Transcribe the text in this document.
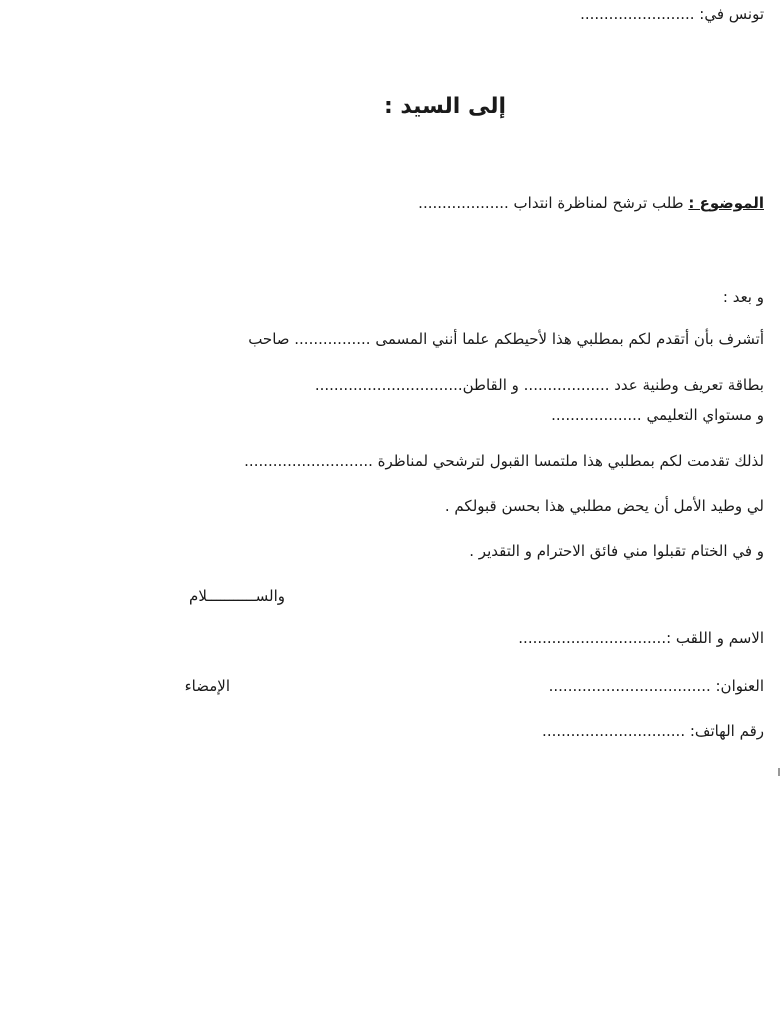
تونس في: ........................
إلى السيد :
الموضوع : طلب ترشح لمناظرة انتداب ...................
و بعد :
أتشرف بأن أتقدم لكم بمطلبي هذا لأحيطكم علما أنني المسمى ................ صاحب
بطاقة تعريف وطنية عدد .................. و القاطن...............................
و مستواي التعليمي ...................
لذلك تقدمت لكم بمطلبي هذا ملتمسا القبول لترشحي لمناظرة ...........................
لي وطيد الأمل أن يحض مطلبي هذا بحسن قبولكم .
و في الختام تقبلوا مني فائق الاحترام و التقدير .
والســـــــــــلام
الاسم و اللقب :...............................
العنوان: ..................................
رقم الهاتف: ..............................
الإمضاء
